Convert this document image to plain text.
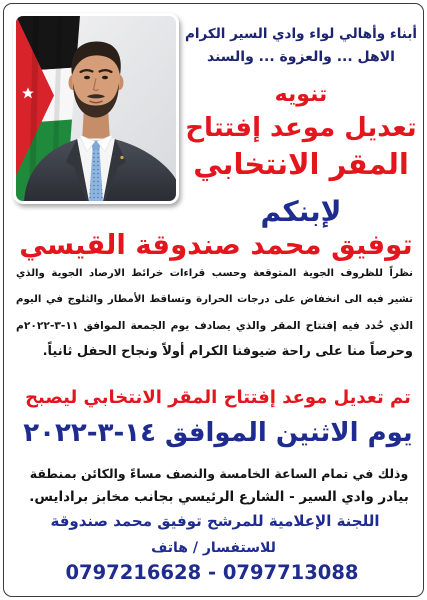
أبناء وأهالي لواء وادي السير الكرام
الاهل ... والعزوة ... والسند
تنويه
تعديل موعد إفتتاح
المقر الانتخابي
لإبنكم
توفيق محمد صندوقة القيسي
نظراً للظروف الجوية المتوقعة وحسب قراءات خرائط الارصاد الجوية والذي
تشير فيه الى انخفاض على درجات الحرارة وتساقط الأمطار والثلوج في اليوم
الذي حُدد فيه إفتتاح المقر والذي يصادف يوم الجمعة الموافق ١١-٣-٢٠٢٢م
وحرصاً منا على راحة ضيوفنا الكرام أولاً ونجاح الحفل ثانياً.
تم تعديل موعد إفتتاح المقر الانتخابي ليصبح
يوم الاثنين الموافق ١٤-٣-٢٠٢٢
وذلك في تمام الساعة الخامسة والنصف مساءً والكائن بمنطقة
بيادر وادي السير - الشارع الرئيسي بجانب مخابز برادايس.
اللجنة الإعلامية للمرشح توفيق محمد صندوقة
للاستفسار / هاتف
0797216628 - 0797713088
